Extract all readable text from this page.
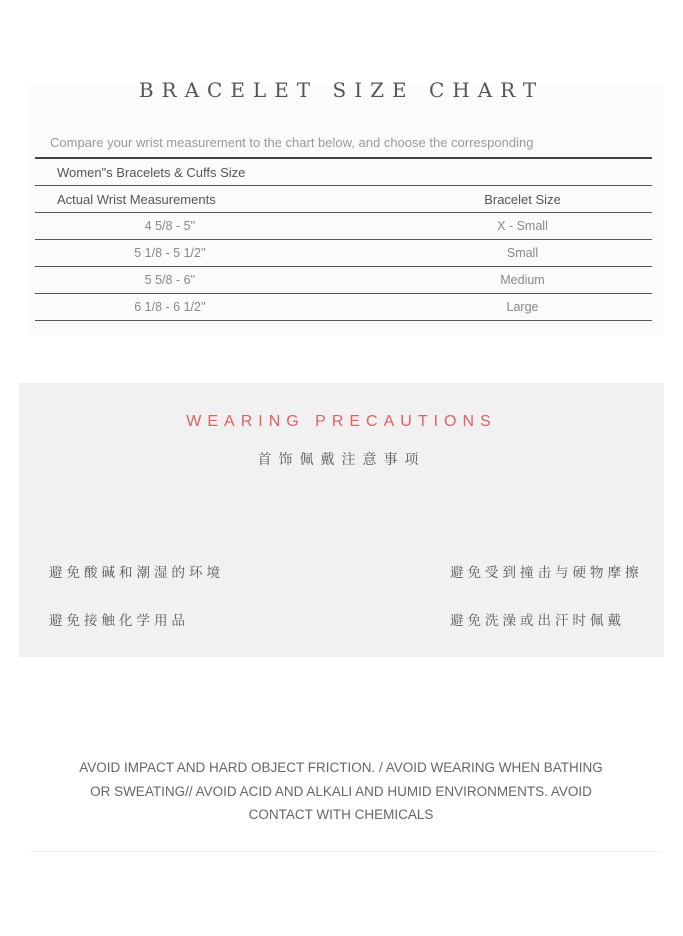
BRACELET SIZE CHART
Compare your wrist measurement to the chart below, and choose the corresponding
Women"s Bracelets & Cuffs Size
Actual Wrist Measurements	Bracelet Size
4 5/8 - 5''	X - Small
5 1/8 - 5 1/2''	Small
5 5/8 - 6''	Medium
6 1/8 - 6 1/2''	Large
WEARING PRECAUTIONS
首饰佩戴注意事项
避免酸碱和潮湿的环境	避免受到撞击与硬物摩擦
避免接触化学用品	避免洗澡或出汗时佩戴
AVOID IMPACT AND HARD OBJECT FRICTION. / AVOID WEARING WHEN BATHING
OR SWEATING// AVOID ACID AND ALKALI AND HUMID ENVIRONMENTS. AVOID
CONTACT WITH CHEMICALS
